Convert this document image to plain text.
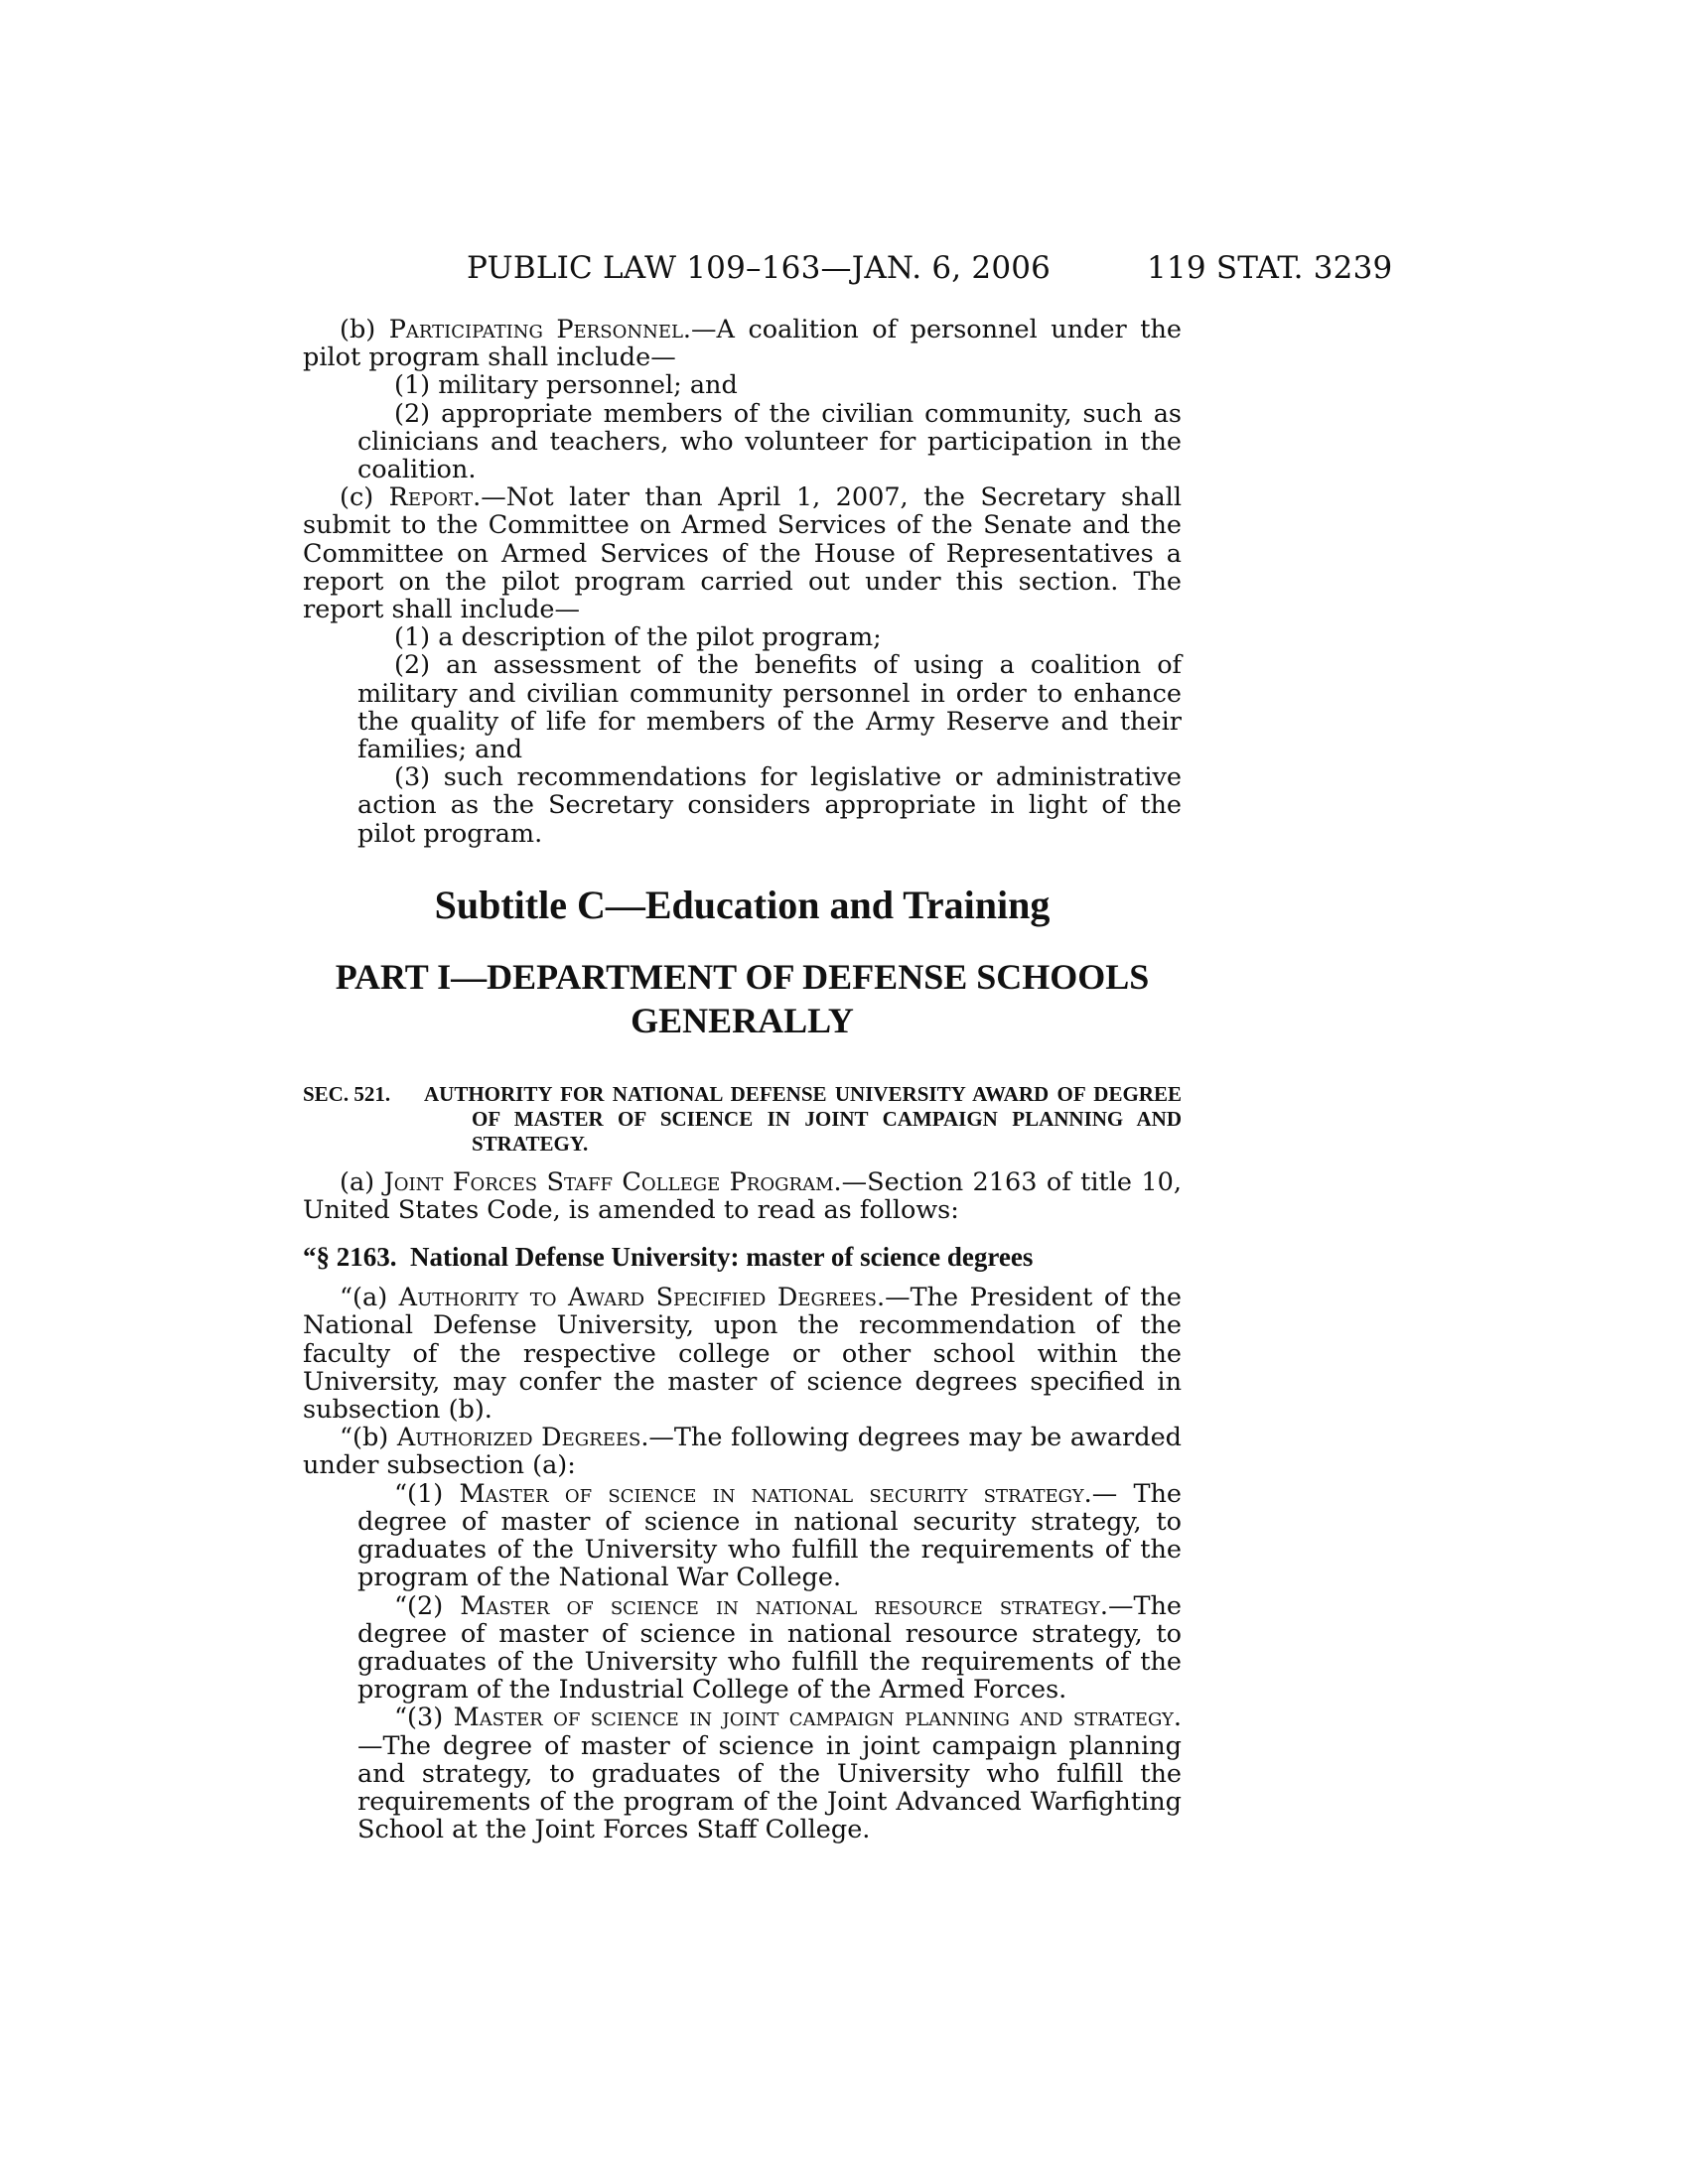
PUBLIC LAW 109–163—JAN. 6, 2006	119 STAT. 3239

(b) Participating Personnel.—A coalition of personnel under the pilot program shall include—

(1) military personnel; and

(2) appropriate members of the civilian community, such as clinicians and teachers, who volunteer for participation in the coalition.

(c) Report.—Not later than April 1, 2007, the Secretary shall submit to the Committee on Armed Services of the Senate and the Committee on Armed Services of the House of Representatives a report on the pilot program carried out under this section. The report shall include—

(1) a description of the pilot program;

(2) an assessment of the benefits of using a coalition of military and civilian community personnel in order to enhance the quality of life for members of the Army Reserve and their families; and

(3) such recommendations for legislative or administrative action as the Secretary considers appropriate in light of the pilot program.

Subtitle C—Education and Training
PART I—DEPARTMENT OF DEFENSE SCHOOLS
GENERALLY

SEC. 521. AUTHORITY FOR NATIONAL DEFENSE UNIVERSITY AWARD OF DEGREE OF MASTER OF SCIENCE IN JOINT CAMPAIGN PLANNING AND STRATEGY.

(a) Joint Forces Staff College Program.—Section 2163 of title 10, United States Code, is amended to read as follows:

“§ 2163. National Defense University: master of science degrees

“(a) Authority to Award Specified Degrees.—The President of the National Defense University, upon the recommendation of the faculty of the respective college or other school within the University, may confer the master of science degrees specified in subsection (b).

“(b) Authorized Degrees.—The following degrees may be awarded under subsection (a):

“(1) Master of science in national security strategy.— The degree of master of science in national security strategy, to graduates of the University who fulfill the requirements of the program of the National War College.

“(2) Master of science in national resource strategy.—The degree of master of science in national resource strategy, to graduates of the University who fulfill the requirements of the program of the Industrial College of the Armed Forces.

“(3) Master of science in joint campaign planning and strategy.—The degree of master of science in joint campaign planning and strategy, to graduates of the University who fulfill the requirements of the program of the Joint Advanced Warfighting School at the Joint Forces Staff College.
